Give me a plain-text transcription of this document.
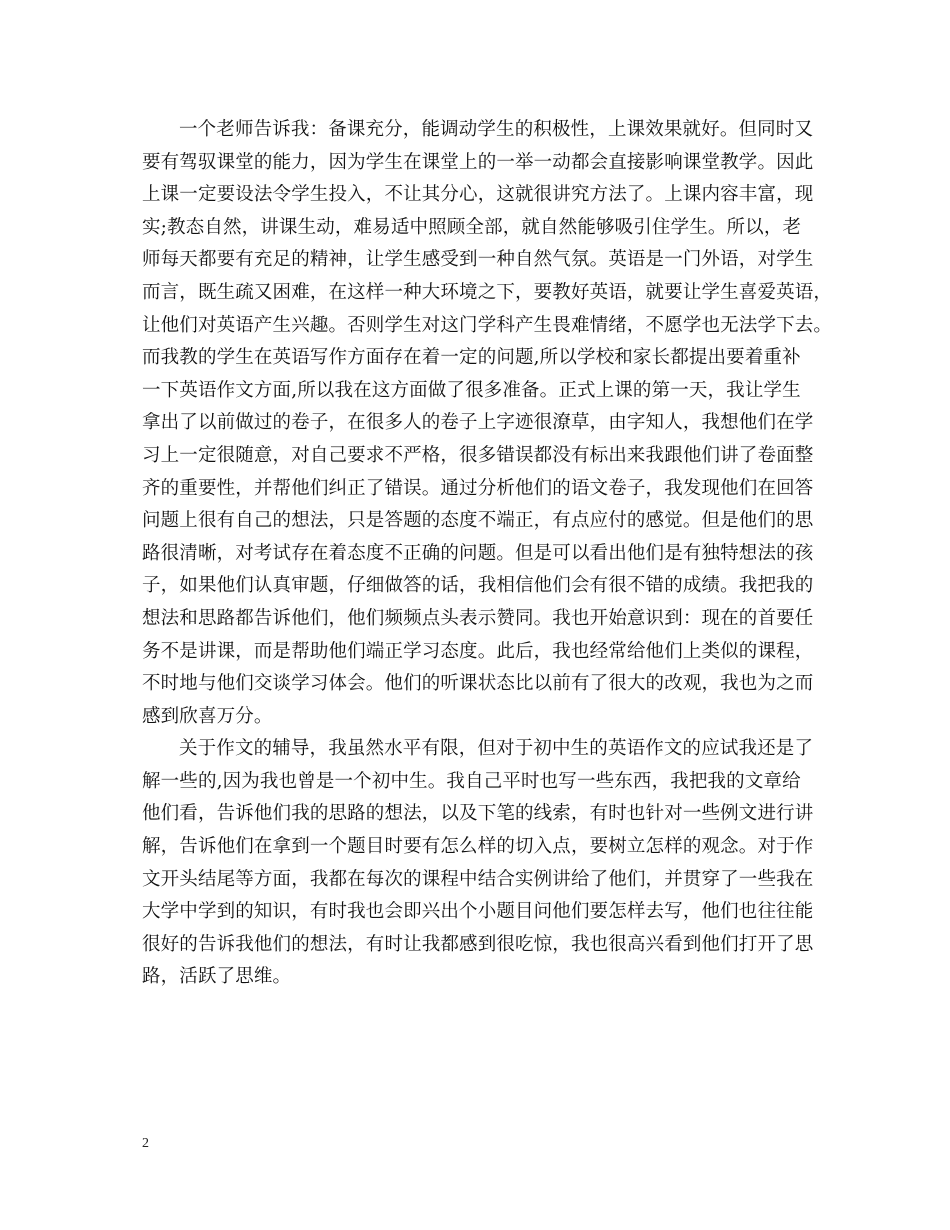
一个老师告诉我：备课充分，能调动学生的积极性，上课效果就好。但同时又
要有驾驭课堂的能力，因为学生在课堂上的一举一动都会直接影响课堂教学。因此
上课一定要设法令学生投入，不让其分心，这就很讲究方法了。上课内容丰富，现
实;教态自然，讲课生动，难易适中照顾全部，就自然能够吸引住学生。所以，老
师每天都要有充足的精神，让学生感受到一种自然气氛。英语是一门外语，对学生
而言，既生疏又困难，在这样一种大环境之下，要教好英语，就要让学生喜爱英语，
让他们对英语产生兴趣。否则学生对这门学科产生畏难情绪，不愿学也无法学下去。
而我教的学生在英语写作方面存在着一定的问题,所以学校和家长都提出要着重补
一下英语作文方面,所以我在这方面做了很多准备。正式上课的第一天，我让学生
拿出了以前做过的卷子，在很多人的卷子上字迹很潦草，由字知人，我想他们在学
习上一定很随意，对自己要求不严格，很多错误都没有标出来我跟他们讲了卷面整
齐的重要性，并帮他们纠正了错误。通过分析他们的语文卷子，我发现他们在回答
问题上很有自己的想法，只是答题的态度不端正，有点应付的感觉。但是他们的思
路很清晰，对考试存在着态度不正确的问题。但是可以看出他们是有独特想法的孩
子，如果他们认真审题，仔细做答的话，我相信他们会有很不错的成绩。我把我的
想法和思路都告诉他们，他们频频点头表示赞同。我也开始意识到：现在的首要任
务不是讲课，而是帮助他们端正学习态度。此后，我也经常给他们上类似的课程，
不时地与他们交谈学习体会。他们的听课状态比以前有了很大的改观，我也为之而
感到欣喜万分。
关于作文的辅导，我虽然水平有限，但对于初中生的英语作文的应试我还是了
解一些的,因为我也曾是一个初中生。我自己平时也写一些东西，我把我的文章给
他们看，告诉他们我的思路的想法，以及下笔的线索，有时也针对一些例文进行讲
解，告诉他们在拿到一个题目时要有怎么样的切入点，要树立怎样的观念。对于作
文开头结尾等方面，我都在每次的课程中结合实例讲给了他们，并贯穿了一些我在
大学中学到的知识，有时我也会即兴出个小题目问他们要怎样去写，他们也往往能
很好的告诉我他们的想法，有时让我都感到很吃惊，我也很高兴看到他们打开了思
路，活跃了思维。
2
